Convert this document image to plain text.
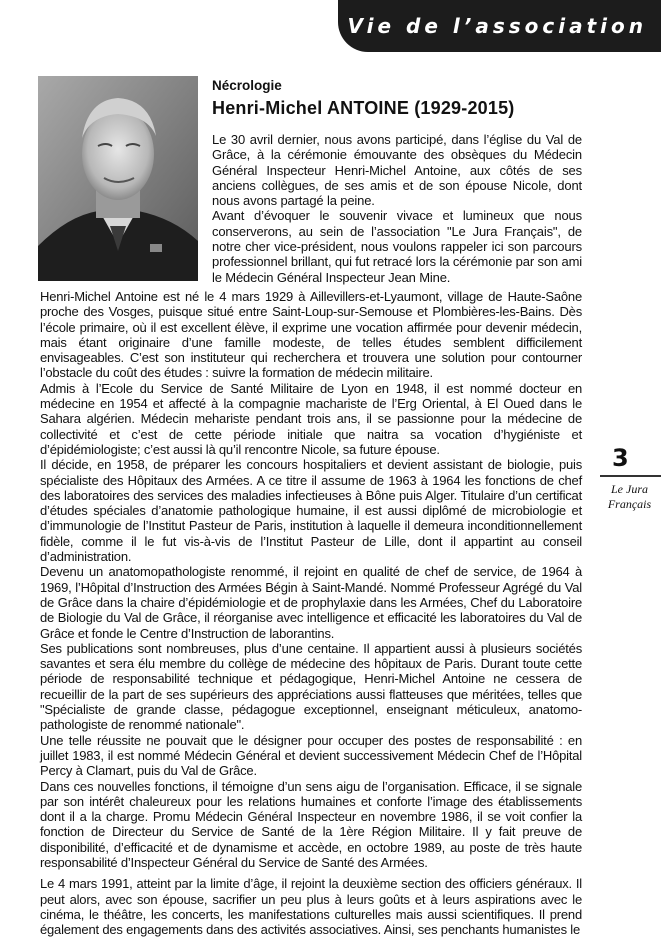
Vie de l’association
Nécrologie
Henri-Michel ANTOINE (1929-2015)

Le 30 avril dernier, nous avons participé, dans l’église du Val de Grâce, à la cérémonie émouvante des obsèques du Médecin Général Inspecteur Henri-Michel Antoine, aux côtés de ses anciens collègues, de ses amis et de son épouse Nicole, dont nous avons partagé la peine.

Avant d’évoquer le souvenir vivace et lumineux que nous conserverons, au sein de l’association "Le Jura Français", de notre cher vice-président, nous voulons rappeler ici son parcours professionnel brillant, qui fut retracé lors la cérémonie par son ami le Médecin Général Inspecteur Jean Mine.

Henri-Michel Antoine est né le 4 mars 1929 à Aillevillers-et-Lyaumont, village de Haute-Saône proche des Vosges, puisque situé entre Saint-Loup-sur-Semouse et Plombières-les-Bains. Dès l’école primaire, où il est excellent élève, il exprime une vocation affirmée pour devenir médecin, mais étant originaire d’une famille modeste, de telles études semblent difficilement envisageables. C’est son instituteur qui recherchera et trouvera une solution pour contourner l’obstacle du coût des études : suivre la formation de médecin militaire.

Admis à l’Ecole du Service de Santé Militaire de Lyon en 1948, il est nommé docteur en médecine en 1954 et affecté à la compagnie machariste de l’Erg Oriental, à El Oued dans le Sahara algérien. Médecin mehariste pendant trois ans, il se passionne pour la médecine de collectivité et c’est de cette période initiale que naitra sa vocation d’hygiéniste et d’épidémiologiste; c’est aussi là qu’il rencontre Nicole, sa future épouse.

Il décide, en 1958, de préparer les concours hospitaliers et devient assistant de biologie, puis spécialiste des Hôpitaux des Armées. A ce titre il assume de 1963 à 1964 les fonctions de chef des laboratoires des services des maladies infectieuses à Bône puis Alger. Titulaire d’un certificat d’études spéciales d’anatomie pathologique humaine, il est aussi diplômé de microbiologie et d’immunologie de l’Institut Pasteur de Paris, institution à laquelle il demeura inconditionnellement fidèle, comme il le fut vis-à-vis de l’Institut Pasteur de Lille, dont il appartint au conseil d’administration.

Devenu un anatomopathologiste renommé, il rejoint en qualité de chef de service, de 1964 à 1969, l’Hôpital d’Instruction des Armées Bégin à Saint-Mandé. Nommé Professeur Agrégé du Val de Grâce dans la chaire d’épidémiologie et de prophylaxie dans les Armées, Chef du Laboratoire de Biologie du Val de Grâce, il réorganise avec intelligence et efficacité les laboratoires du Val de Grâce et fonde le Centre d’Instruction de laborantins.

Ses publications sont nombreuses, plus d’une centaine. Il appartient aussi à plusieurs sociétés savantes et sera élu membre du collège de médecine des hôpitaux de Paris. Durant toute cette période de responsabilité technique et pédagogique, Henri-Michel Antoine ne cessera de recueillir de la part de ses supérieurs des appréciations aussi flatteuses que méritées, telles que "Spécialiste de grande classe, pédagogue exceptionnel, enseignant méticuleux, anatomo-pathologiste de renommé nationale".

Une telle réussite ne pouvait que le désigner pour occuper des postes de responsabilité : en juillet 1983, il est nommé Médecin Général et devient successivement Médecin Chef de l’Hôpital Percy à Clamart, puis du Val de Grâce.

Dans ces nouvelles fonctions, il témoigne d’un sens aigu de l’organisation. Efficace, il se signale par son intérêt chaleureux pour les relations humaines et conforte l’image des établissements dont il a la charge. Promu Médecin Général Inspecteur en novembre 1986, il se voit confier la fonction de Directeur du Service de Santé de la 1ère Région Militaire. Il y fait preuve de disponibilité, d’efficacité et de dynamisme et accède, en octobre 1989, au poste de très haute responsabilité d’Inspecteur Général du Service de Santé des Armées.

Le 4 mars 1991, atteint par la limite d’âge, il rejoint la deuxième section des officiers généraux. Il peut alors, avec son épouse, sacrifier un peu plus à leurs goûts et à leurs aspirations avec le cinéma, le théâtre, les concerts, les manifestations culturelles mais aussi scientifiques. Il prend également des engagements dans des activités associatives. Ainsi, ses penchants humanistes le

3
Le Jura
Français
